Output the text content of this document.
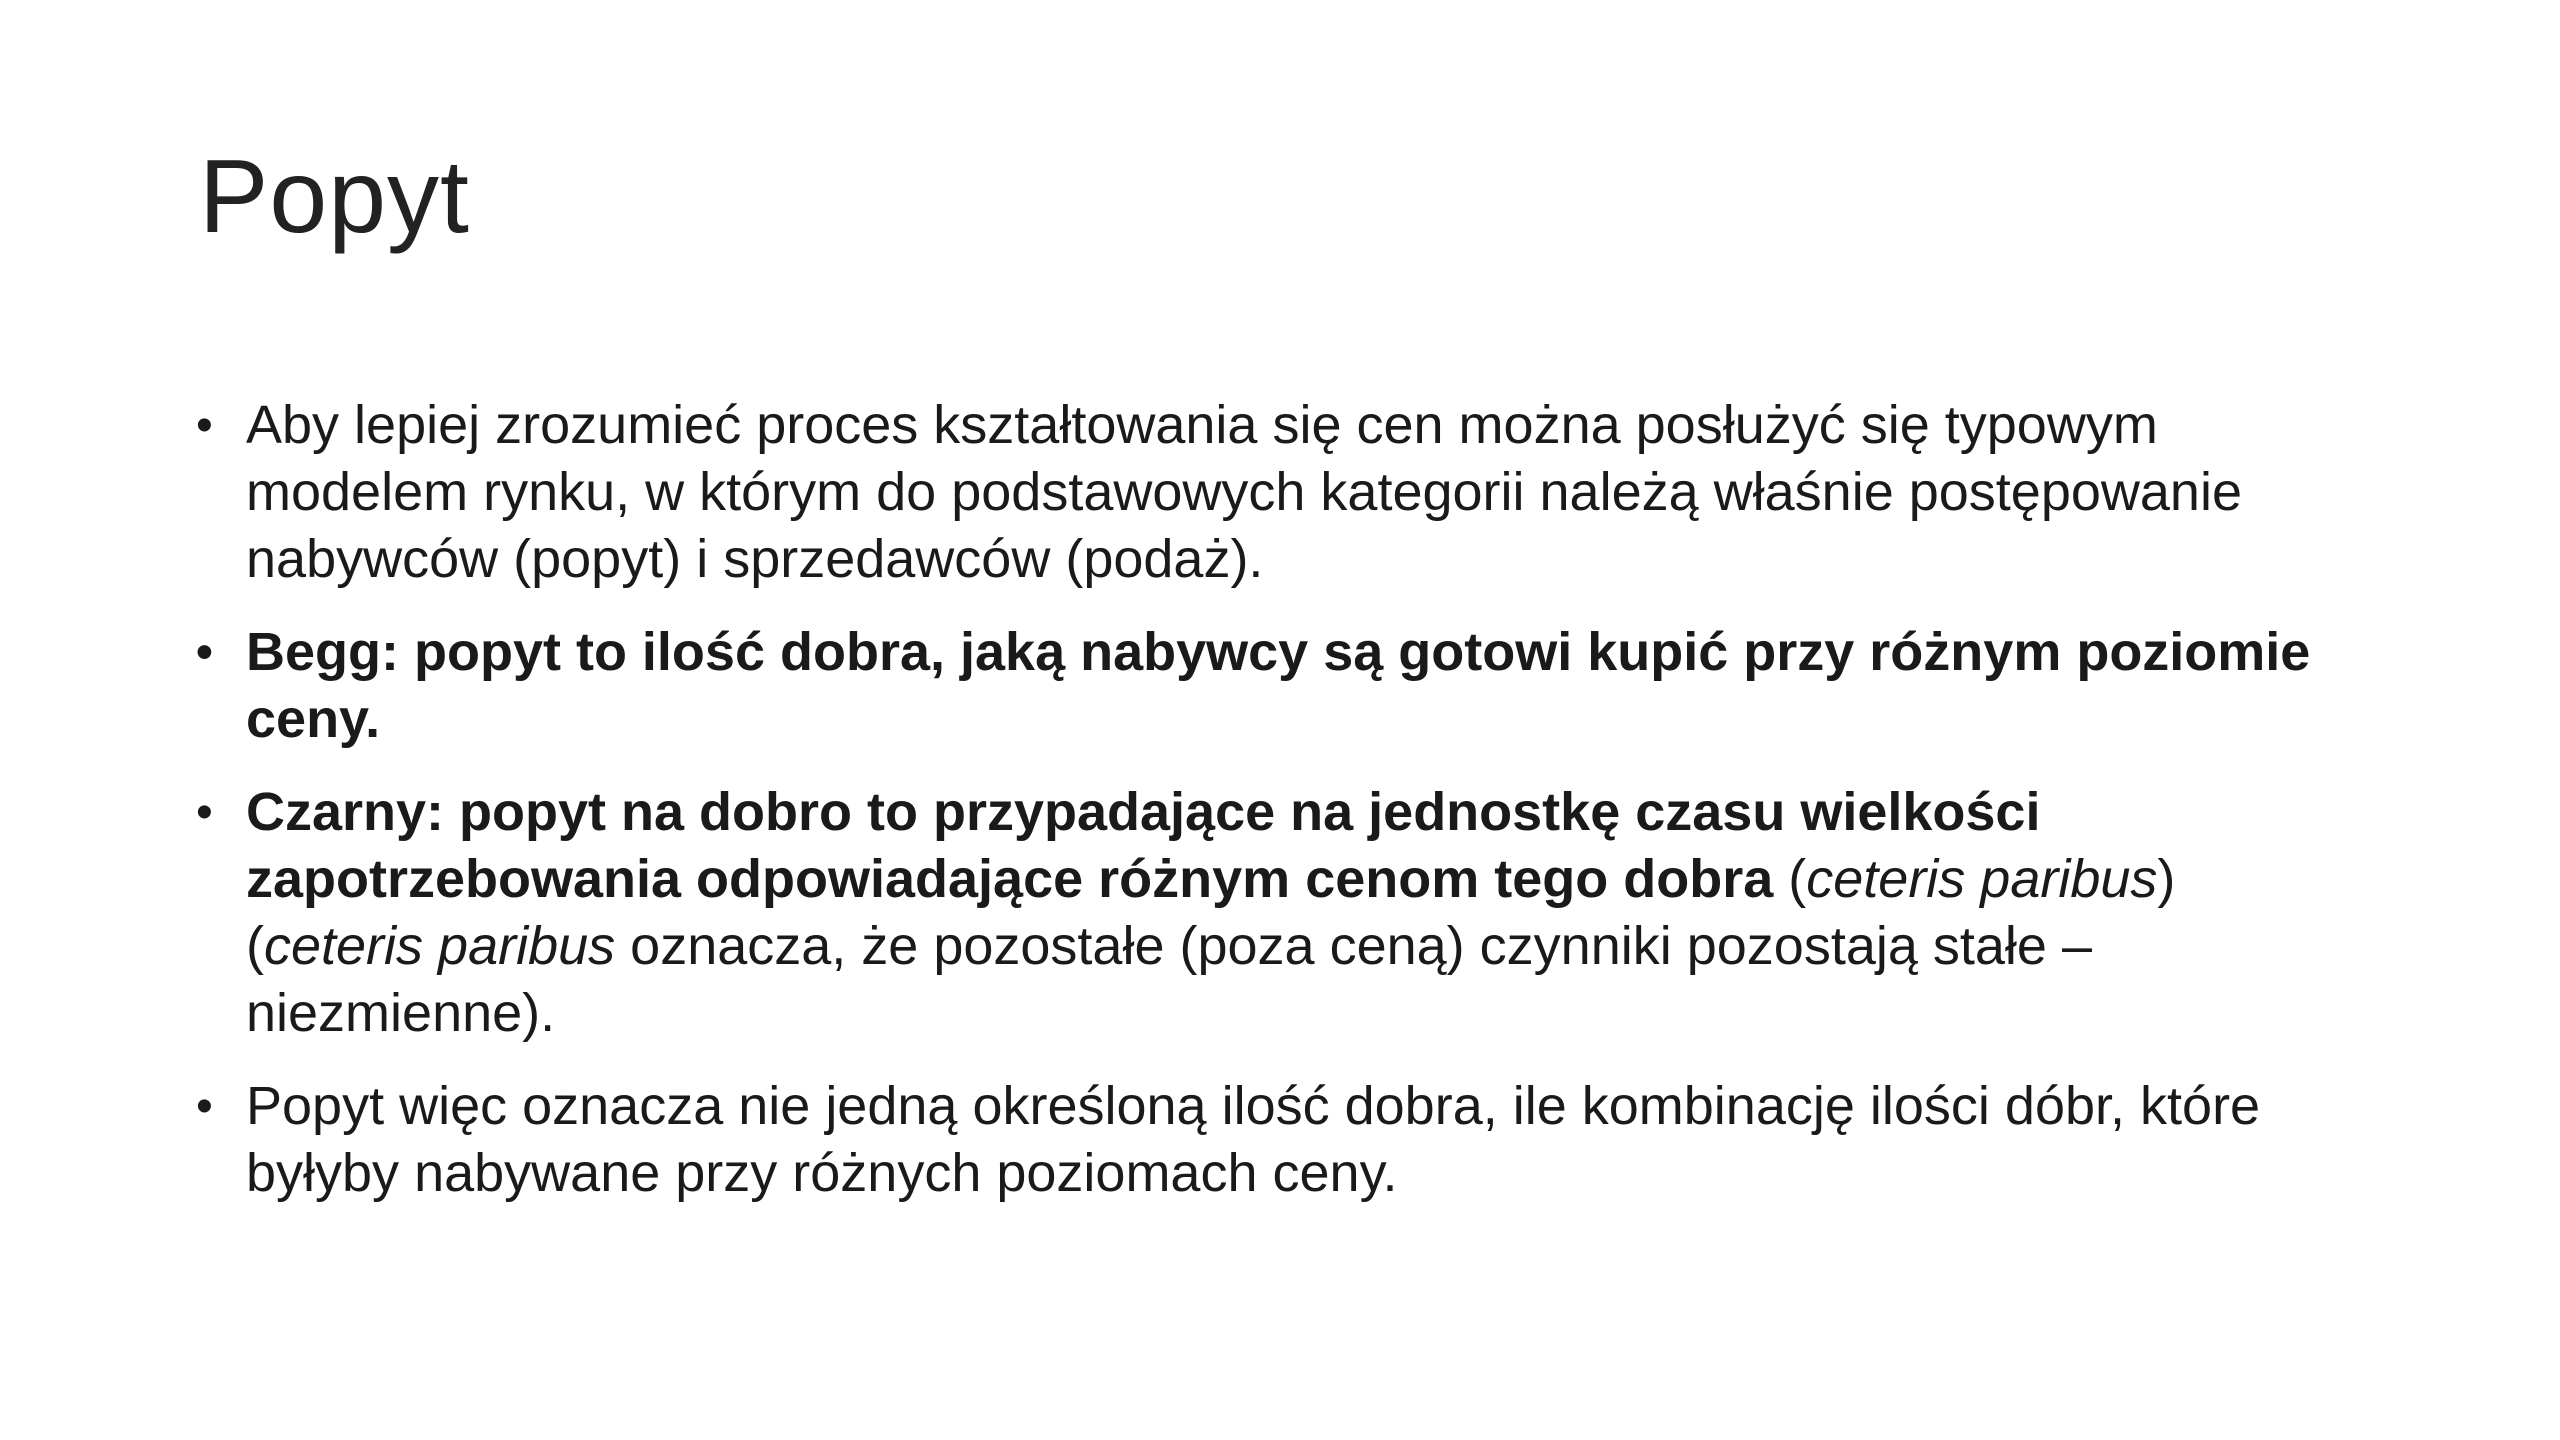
Popyt
• Aby lepiej zrozumieć proces kształtowania się cen można posłużyć się typowym modelem rynku, w którym do podstawowych kategorii należą właśnie postępowanie nabywców (popyt) i sprzedawców (podaż).
• Begg: popyt to ilość dobra, jaką nabywcy są gotowi kupić przy różnym poziomie ceny.
• Czarny: popyt na dobro to przypadające na jednostkę czasu wielkości zapotrzebowania odpowiadające różnym cenom tego dobra (ceteris paribus) (ceteris paribus oznacza, że pozostałe (poza ceną) czynniki pozostają stałe – niezmienne).
• Popyt więc oznacza nie jedną określoną ilość dobra, ile kombinację ilości dóbr, które byłyby nabywane przy różnych poziomach ceny.
